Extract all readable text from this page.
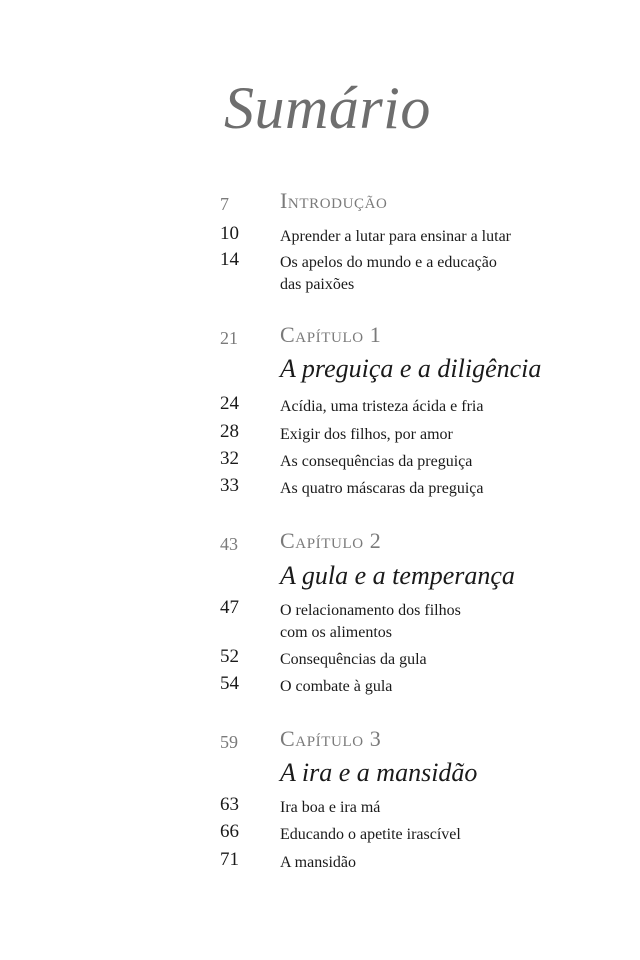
Sumário
7 Introdução
10	Aprender a lutar para ensinar a lutar
14	Os apelos do mundo e a educação
das paixões
21 Capítulo 1
A preguiça e a diligência
24	Acídia, uma tristeza ácida e fria
28	Exigir dos filhos, por amor
32	As consequências da preguiça
33	As quatro máscaras da preguiça
43 Capítulo 2
A gula e a temperança
47	O relacionamento dos filhos
com os alimentos
52	Consequências da gula
54	O combate à gula
59 Capítulo 3
A ira e a mansidão
63	Ira boa e ira má
66	Educando o apetite irascível
71	A mansidão
